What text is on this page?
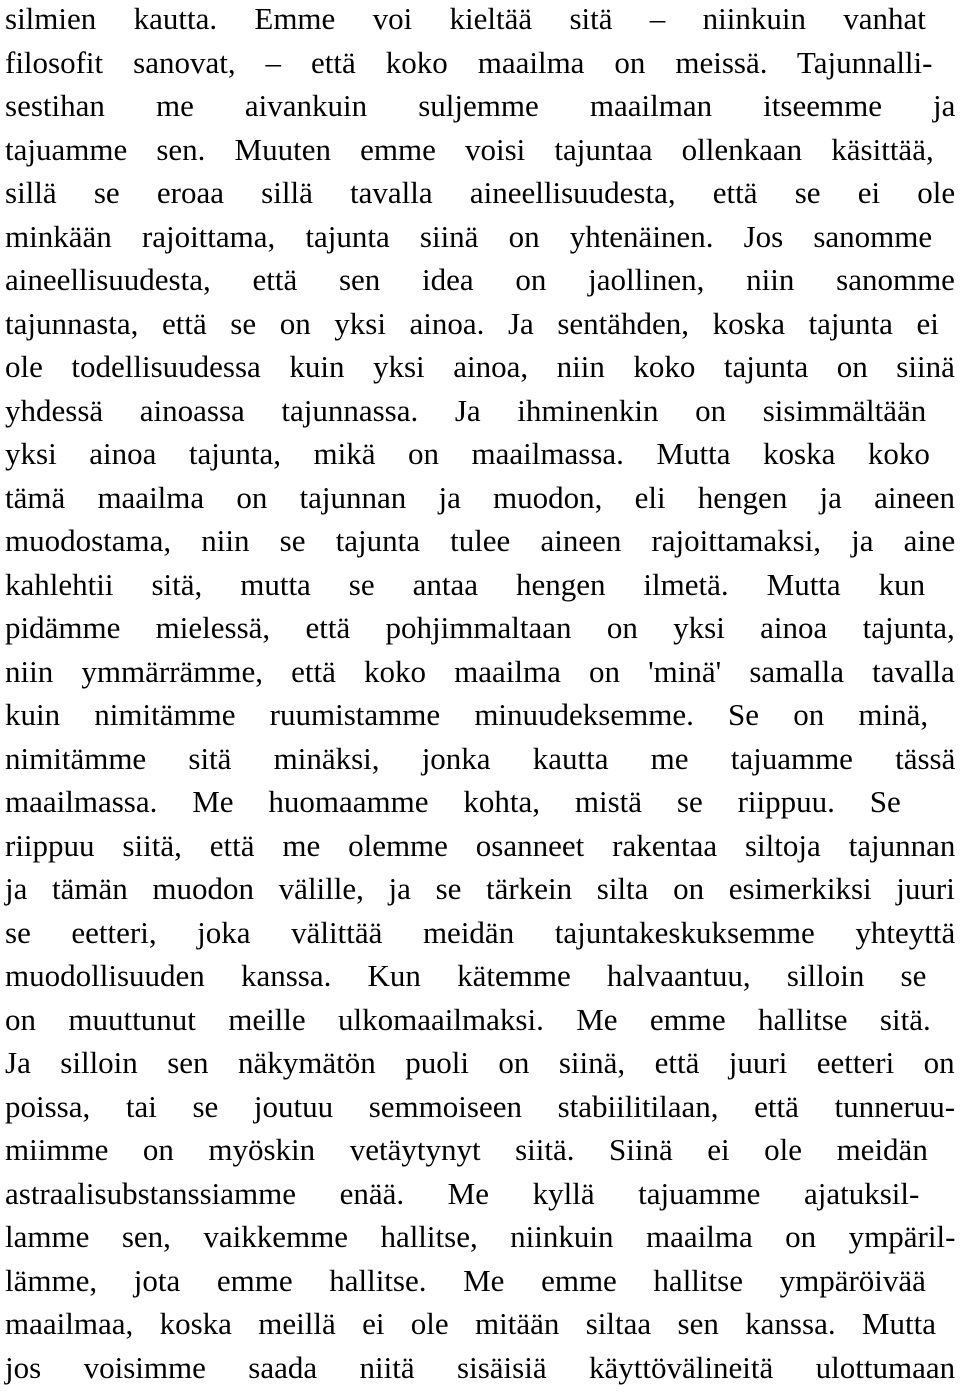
silmien kautta. Emme voi kieltää sitä – niinkuin vanhat
filosofit sanovat, – että koko maailma on meissä. Tajunnalli-
sestihan me aivankuin suljemme maailman itseemme ja
tajuamme sen. Muuten emme voisi tajuntaa ollenkaan käsittää,
sillä se eroaa sillä tavalla aineellisuudesta, että se ei ole
minkään rajoittama, tajunta siinä on yhtenäinen. Jos sanomme
aineellisuudesta, että sen idea on jaollinen, niin sanomme
tajunnasta, että se on yksi ainoa. Ja sentähden, koska tajunta ei
ole todellisuudessa kuin yksi ainoa, niin koko tajunta on siinä
yhdessä ainoassa tajunnassa. Ja ihminenkin on sisimmältään
yksi ainoa tajunta, mikä on maailmassa. Mutta koska koko
tämä maailma on tajunnan ja muodon, eli hengen ja aineen
muodostama, niin se tajunta tulee aineen rajoittamaksi, ja aine
kahlehtii sitä, mutta se antaa hengen ilmetä. Mutta kun
pidämme mielessä, että pohjimmaltaan on yksi ainoa tajunta,
niin ymmärrämme, että koko maailma on 'minä' samalla tavalla
kuin nimitämme ruumistamme minuudeksemme. Se on minä,
nimitämme sitä minäksi, jonka kautta me tajuamme tässä
maailmassa. Me huomaamme kohta, mistä se riippuu. Se
riippuu siitä, että me olemme osanneet rakentaa siltoja tajunnan
ja tämän muodon välille, ja se tärkein silta on esimerkiksi juuri
se eetteri, joka välittää meidän tajuntakeskuksemme yhteyttä
muodollisuuden kanssa. Kun kätemme halvaantuu, silloin se
on muuttunut meille ulkomaailmaksi. Me emme hallitse sitä.
Ja silloin sen näkymätön puoli on siinä, että juuri eetteri on
poissa, tai se joutuu semmoiseen stabiilitilaan, että tunneruu-
miimme on myöskin vetäytynyt siitä. Siinä ei ole meidän
astraalisubstanssiamme enää. Me kyllä tajuamme ajatuksil-
lamme sen, vaikkemme hallitse, niinkuin maailma on ympäril-
lämme, jota emme hallitse. Me emme hallitse ympäröivää
maailmaa, koska meillä ei ole mitään siltaa sen kanssa. Mutta
jos voisimme saada niitä sisäisiä käyttövälineitä ulottumaan
